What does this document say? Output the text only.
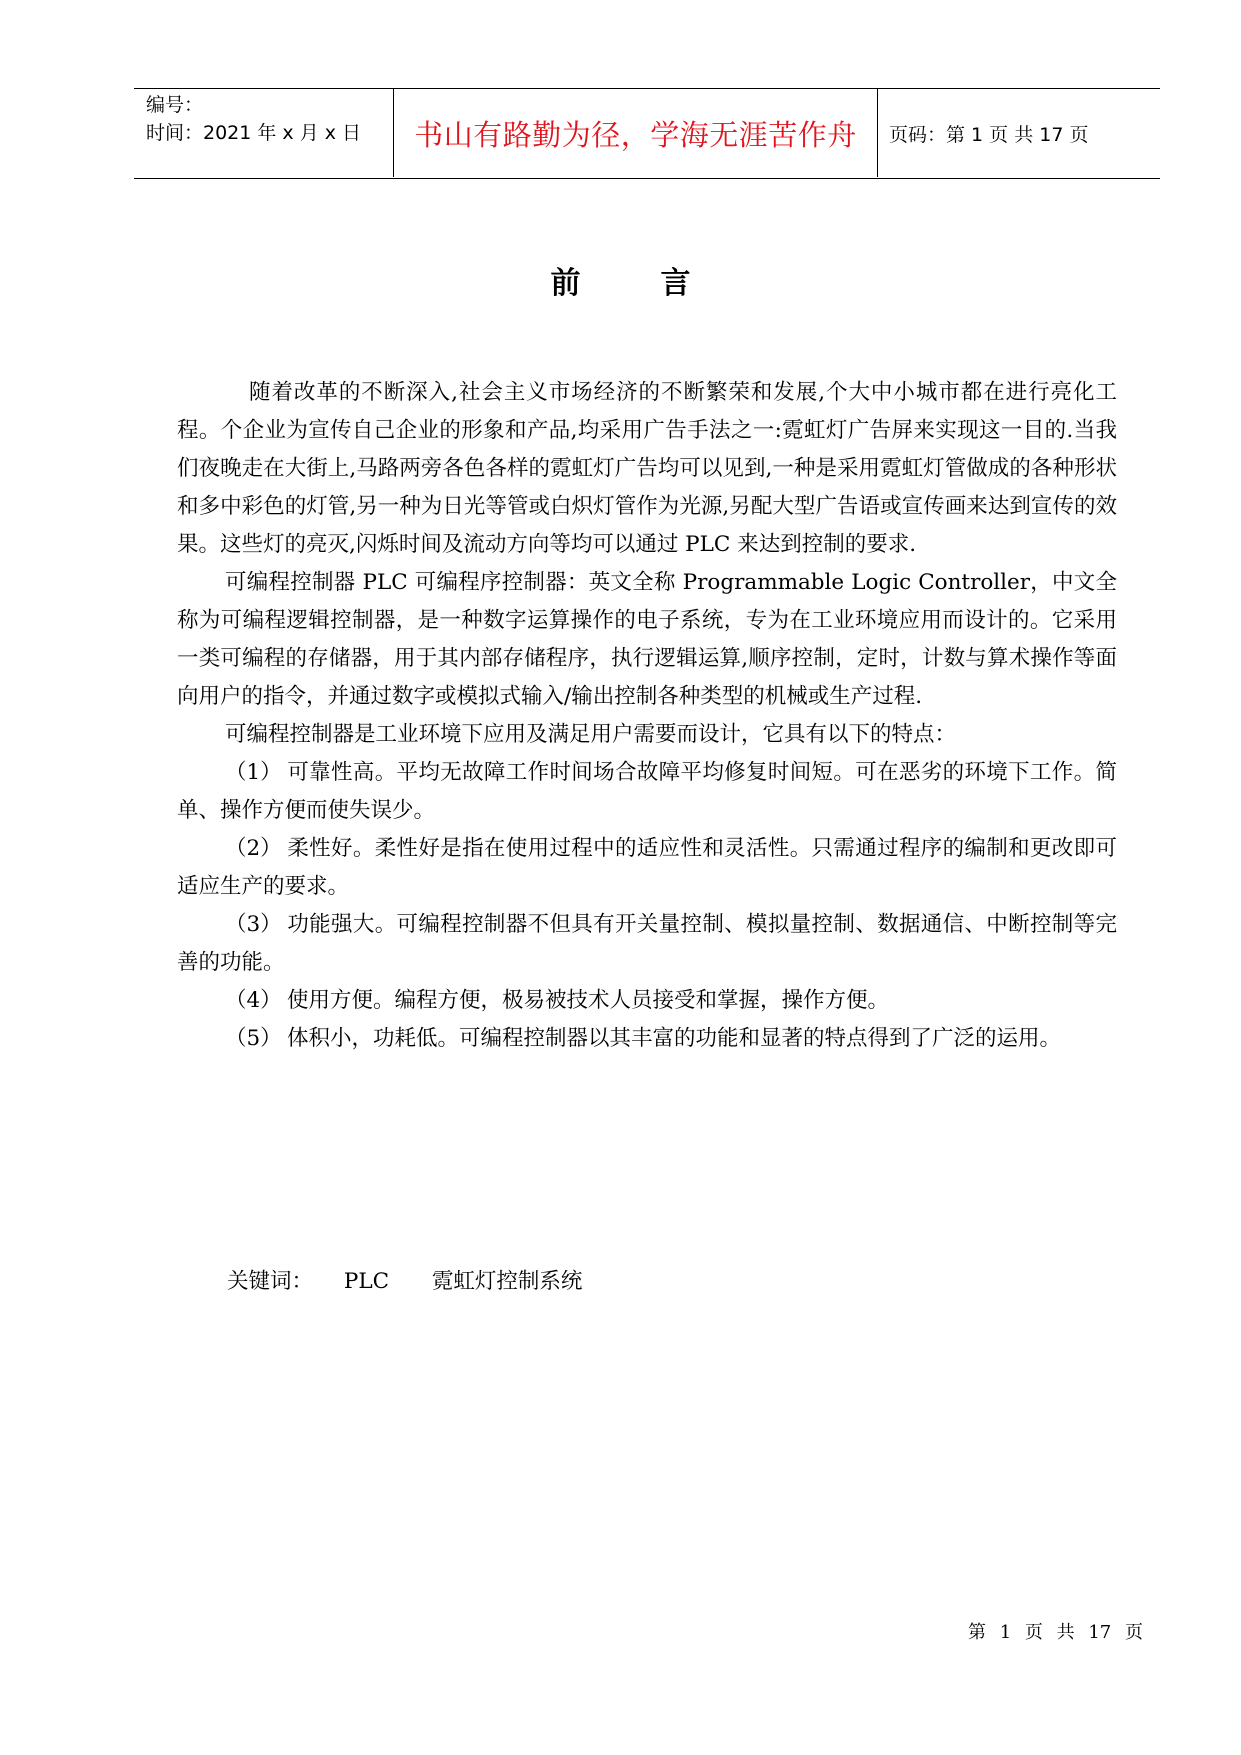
编号：
时间：2021 年 x 月 x 日	书山有路勤为径，学海无涯苦作舟	页码：第 1 页 共 17 页
前言

随着改革的不断深入,社会主义市场经济的不断繁荣和发展,个大中小城市都在进行亮化工程。个企业为宣传自己企业的形象和产品,均采用广告手法之一:霓虹灯广告屏来实现这一目的.当我们夜晚走在大街上,马路两旁各色各样的霓虹灯广告均可以见到,一种是采用霓虹灯管做成的各种形状和多中彩色的灯管,另一种为日光等管或白炽灯管作为光源,另配大型广告语或宣传画来达到宣传的效果。这些灯的亮灭,闪烁时间及流动方向等均可以通过 PLC 来达到控制的要求.

可编程控制器 PLC 可编程序控制器：英文全称 Programmable Logic Controller，中文全称为可编程逻辑控制器，是一种数字运算操作的电子系统，专为在工业环境应用而设计的。它采用一类可编程的存储器，用于其内部存储程序，执行逻辑运算,顺序控制，定时，计数与算术操作等面向用户的指令，并通过数字或模拟式输入/输出控制各种类型的机械或生产过程.

可编程控制器是工业环境下应用及满足用户需要而设计，它具有以下的特点：

（1） 可靠性高。平均无故障工作时间场合故障平均修复时间短。可在恶劣的环境下工作。简单、操作方便而使失误少。

（2） 柔性好。柔性好是指在使用过程中的适应性和灵活性。只需通过程序的编制和更改即可适应生产的要求。

（3） 功能强大。可编程控制器不但具有开关量控制、模拟量控制、数据通信、中断控制等完善的功能。

（4） 使用方便。编程方便，极易被技术人员接受和掌握，操作方便。

（5） 体积小，功耗低。可编程控制器以其丰富的功能和显著的特点得到了广泛的运用。

关键词： PLC 霓虹灯控制系统
第 1 页 共 17 页
